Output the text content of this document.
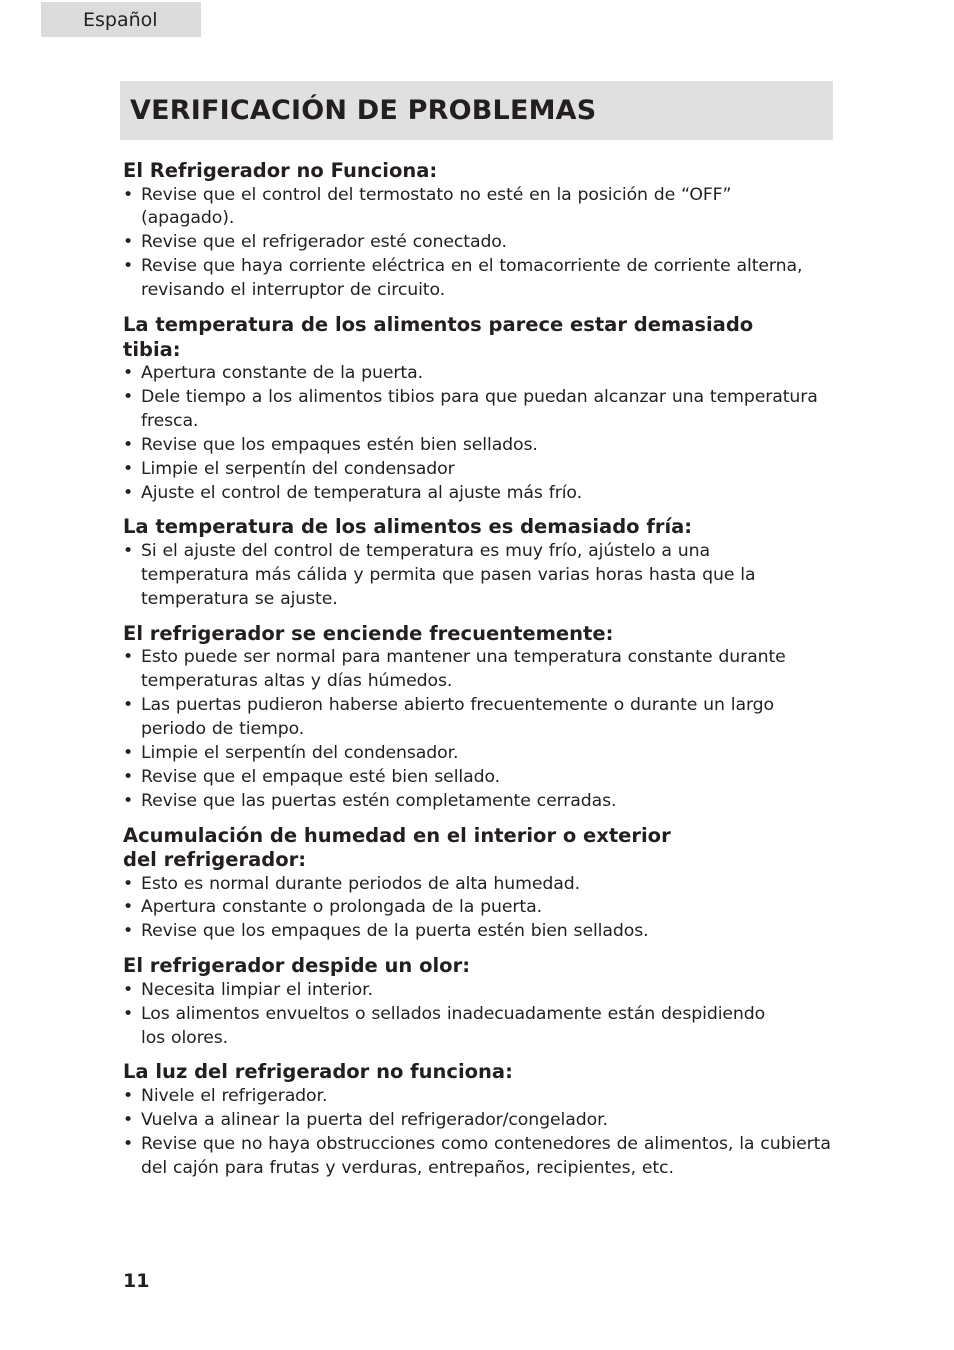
Español
VERIFICACIÓN DE PROBLEMAS
El Refrigerador no Funciona:
• Revise que el control del termostato no esté en la posición de “OFF”
(apagado).
• Revise que el refrigerador esté conectado.
• Revise que haya corriente eléctrica en el tomacorriente de corriente alterna,
revisando el interruptor de circuito.
La temperatura de los alimentos parece estar demasiado
tibia:
• Apertura constante de la puerta.
• Dele tiempo a los alimentos tibios para que puedan alcanzar una temperatura
fresca.
• Revise que los empaques estén bien sellados.
• Limpie el serpentín del condensador
• Ajuste el control de temperatura al ajuste más frío.
La temperatura de los alimentos es demasiado fría:
• Si el ajuste del control de temperatura es muy frío, ajústelo a una
temperatura más cálida y permita que pasen varias horas hasta que la
temperatura se ajuste.
El refrigerador se enciende frecuentemente:
• Esto puede ser normal para mantener una temperatura constante durante
temperaturas altas y días húmedos.
• Las puertas pudieron haberse abierto frecuentemente o durante un largo
periodo de tiempo.
• Limpie el serpentín del condensador.
• Revise que el empaque esté bien sellado.
• Revise que las puertas estén completamente cerradas.
Acumulación de humedad en el interior o exterior
del refrigerador:
• Esto es normal durante periodos de alta humedad.
• Apertura constante o prolongada de la puerta.
• Revise que los empaques de la puerta estén bien sellados.
El refrigerador despide un olor:
• Necesita limpiar el interior.
• Los alimentos envueltos o sellados inadecuadamente están despidiendo
los olores.
La luz del refrigerador no funciona:
• Nivele el refrigerador.
• Vuelva a alinear la puerta del refrigerador/congelador.
• Revise que no haya obstrucciones como contenedores de alimentos, la cubierta
del cajón para frutas y verduras, entrepaños, recipientes, etc.
11
